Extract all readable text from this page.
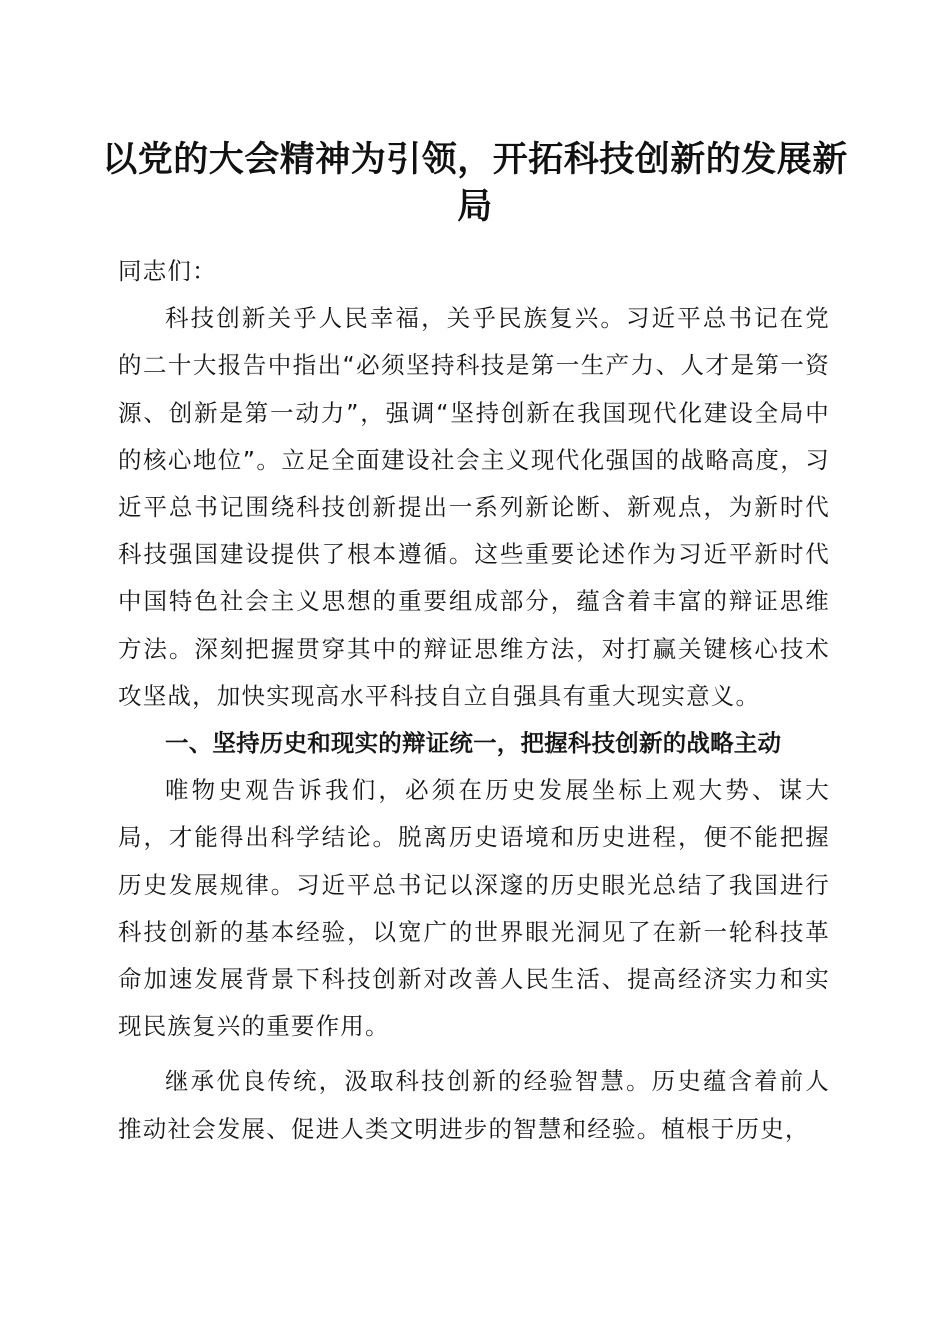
以党的大会精神为引领，开拓科技创新的发展新局

同志们：

科技创新关乎人民幸福，关乎民族复兴。习近平总书记在党的二十大报告中指出“必须坚持科技是第一生产力、人才是第一资源、创新是第一动力”，强调“坚持创新在我国现代化建设全局中的核心地位”。立足全面建设社会主义现代化强国的战略高度，习近平总书记围绕科技创新提出一系列新论断、新观点，为新时代科技强国建设提供了根本遵循。这些重要论述作为习近平新时代中国特色社会主义思想的重要组成部分，蕴含着丰富的辩证思维方法。深刻把握贯穿其中的辩证思维方法，对打赢关键核心技术攻坚战，加快实现高水平科技自立自强具有重大现实意义。

一、坚持历史和现实的辩证统一，把握科技创新的战略主动

唯物史观告诉我们，必须在历史发展坐标上观大势、谋大局，才能得出科学结论。脱离历史语境和历史进程，便不能把握历史发展规律。习近平总书记以深邃的历史眼光总结了我国进行科技创新的基本经验，以宽广的世界眼光洞见了在新一轮科技革命加速发展背景下科技创新对改善人民生活、提高经济实力和实现民族复兴的重要作用。

继承优良传统，汲取科技创新的经验智慧。历史蕴含着前人推动社会发展、促进人类文明进步的智慧和经验。植根于历史，
